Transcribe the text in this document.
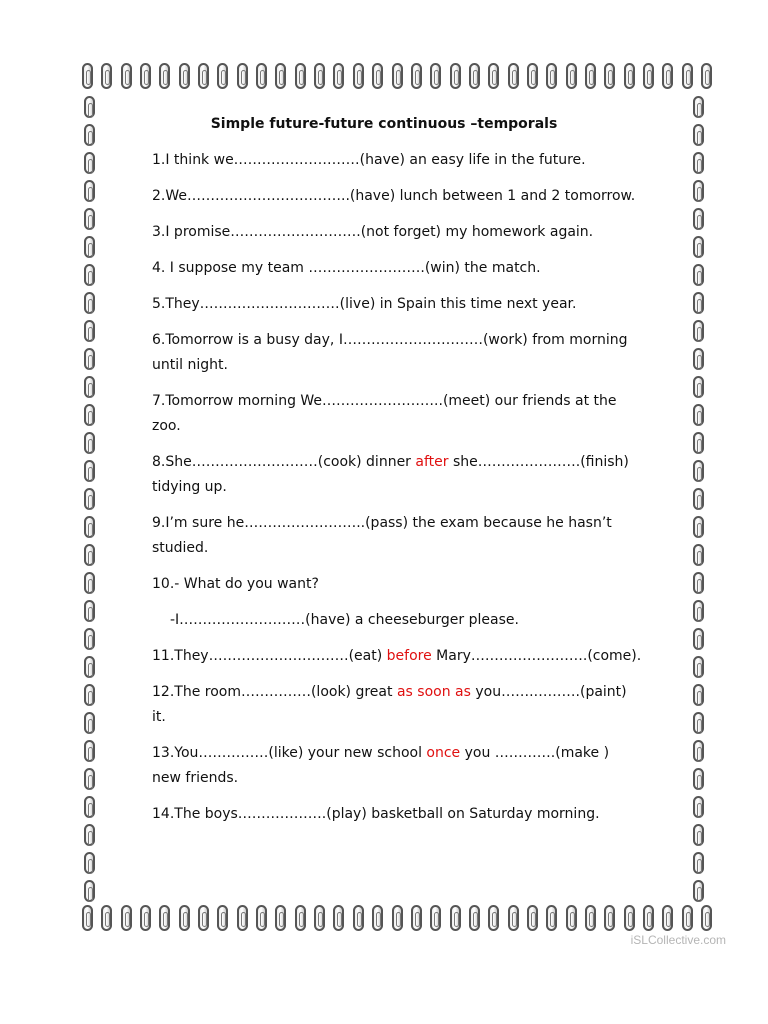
Simple future-future continuous –temporals
1.I think we………………………(have) an easy life in the future.
2.We……………………………..(have) lunch between 1 and 2 tomorrow.
3.I promise……………………….(not forget) my homework again.
4. I suppose my team …………………….(win) the match.
5.They…………………………(live) in Spain this time next year.
6.Tomorrow is a busy day, I…………………………(work) from morning until night.
7.Tomorrow morning We……………………..(meet) our friends at the zoo.
8.She………………………(cook) dinner after she………………….(finish) tidying up.
9.I’m sure he……………………..(pass) the exam because he hasn’t studied.
10.- What do you want?
-I………………………(have) a cheeseburger please.
11.They…………………………(eat) before Mary…………………….(come).
12.The room……………(look) great as soon as you…….……….(paint) it.
13.You……………(like) your new school once you ………….(make ) new friends.
14.The boys……………….(play) basketball on Saturday morning.
iSLCollective.com
